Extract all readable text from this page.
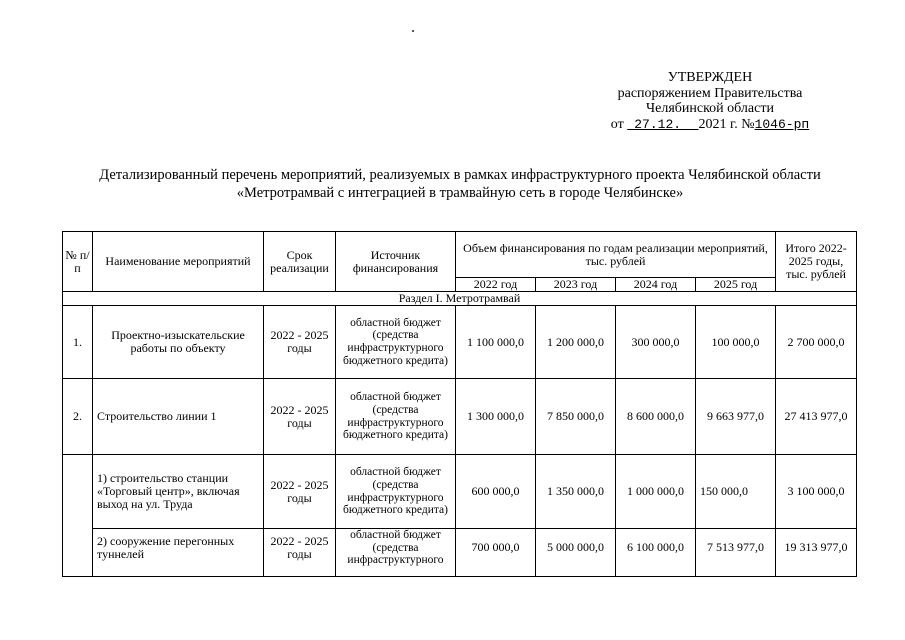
УТВЕРЖДЕН
распоряжением Правительства
Челябинской области
от 27.12. 2021 г. №1046-рп
Детализированный перечень мероприятий, реализуемых в рамках инфраструктурного проекта Челябинской области
«Метротрамвай с интеграцией в трамвайную сеть в городе Челябинске»
№ п/п	Наименование мероприятий	Срок реализации	Источник финансирования	Объем финансирования по годам реализации мероприятий, тыс. рублей				Итого 2022-2025 годы, тыс. рублей
				2022 год	2023 год	2024 год	2025 год	
Раздел I. Метротрамвай								
1.	Проектно-изыскательские работы по объекту	2022 - 2025 годы	областной бюджет (средства инфраструктурного бюджетного кредита)	1 100 000,0	1 200 000,0	300 000,0	100 000,0	2 700 000,0
2.	Строительство линии 1	2022 - 2025 годы	областной бюджет (средства инфраструктурного бюджетного кредита)	1 300 000,0	7 850 000,0	8 600 000,0	9 663 977,0	27 413 977,0
	1) строительство станции «Торговый центр», включая выход на ул. Труда	2022 - 2025 годы	областной бюджет (средства инфраструктурного бюджетного кредита)	600 000,0	1 350 000,0	1 000 000,0	150 000,0	3 100 000,0
	2) сооружение перегонных туннелей	2022 - 2025 годы	областной бюджет (средства инфраструктурного	700 000,0	5 000 000,0	6 100 000,0	7 513 977,0	19 313 977,0
